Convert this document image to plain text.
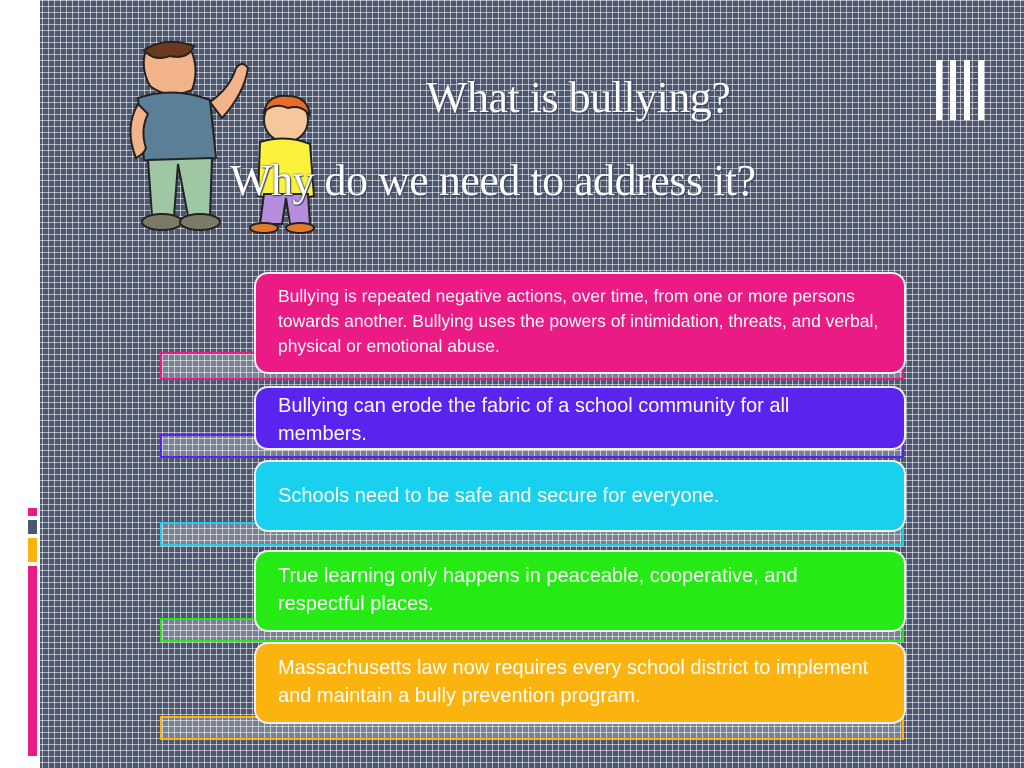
What is bullying?
Why do we need to address it?
Bullying is repeated negative actions, over time, from one or more persons towards another. Bullying uses the powers of intimidation, threats, and verbal, physical or emotional abuse.
Bullying can erode the fabric of a school community for all members.
Schools need to be safe and secure for everyone.
True learning only happens in peaceable, cooperative, and respectful places.
Massachusetts law now requires every school district to implement and maintain a bully prevention program.
